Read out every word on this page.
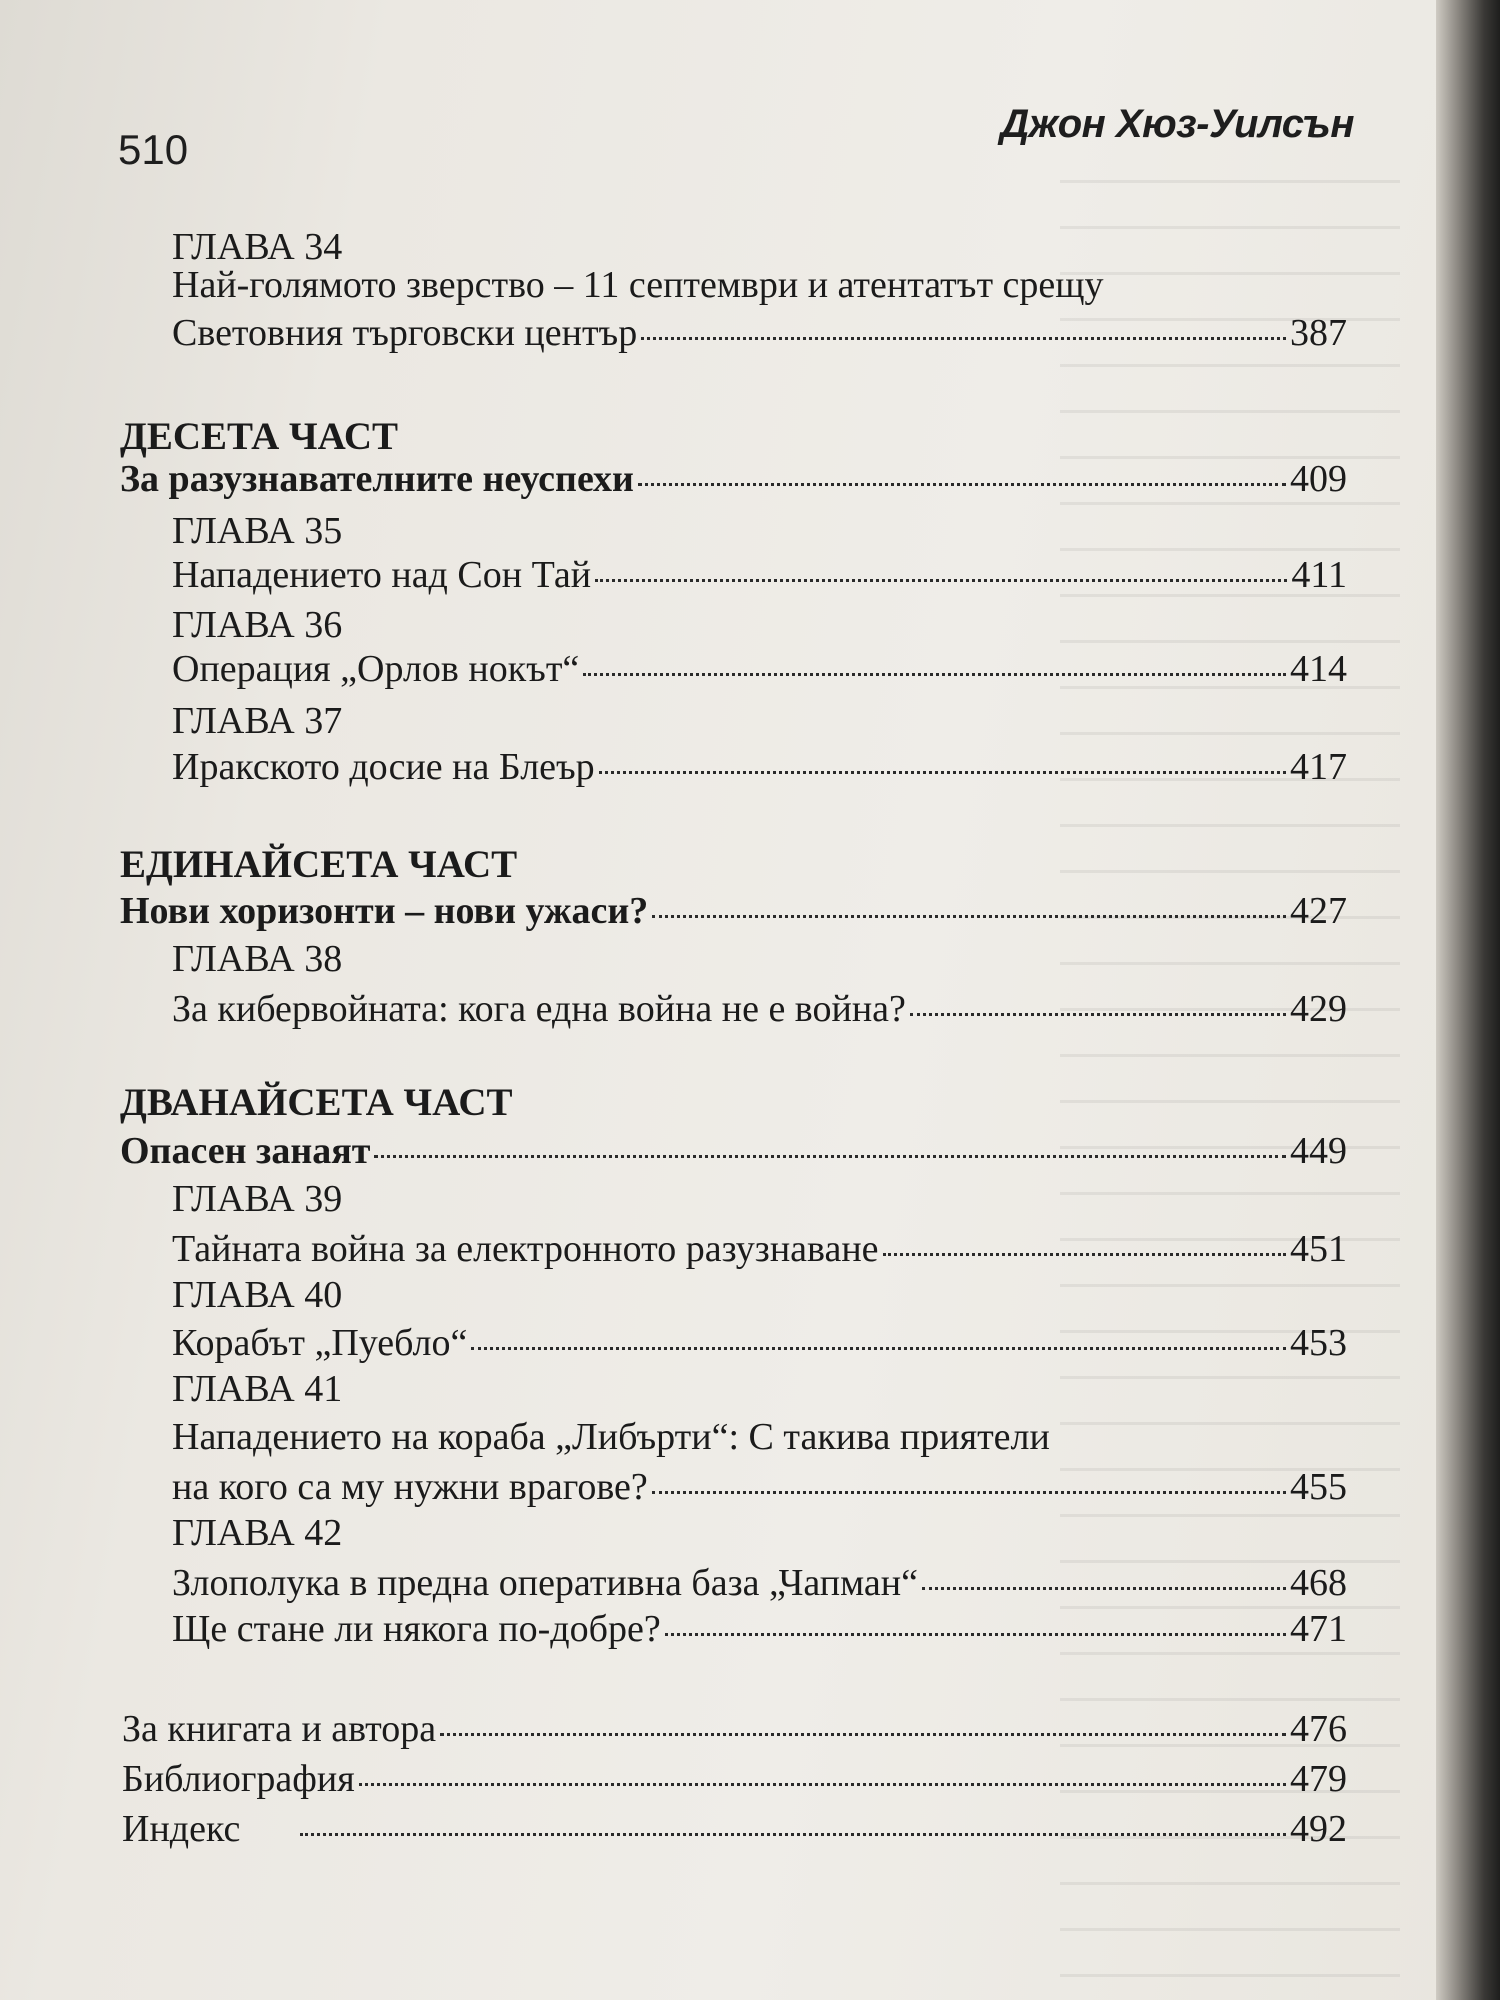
510
Джон Хюз-Уилсън
ГЛАВА 34
Най-голямото зверство – 11 септември и атентатът срещу
Световния търговски център	387
ДЕСЕТА ЧАСТ
За разузнавателните неуспехи	409
ГЛАВА 35
Нападението над Сон Тай	411
ГЛАВА 36
Операция „Орлов нокът“	414
ГЛАВА 37
Иракското досие на Блеър	417
ЕДИНАЙСЕТА ЧАСТ
Нови хоризонти – нови ужаси?	427
ГЛАВА 38
За кибервойната: кога една война не е война?	429
ДВАНАЙСЕТА ЧАСТ
Опасен занаят	449
ГЛАВА 39
Тайната война за електронното разузнаване	451
ГЛАВА 40
Корабът „Пуебло“	453
ГЛАВА 41
Нападението на кораба „Либърти“: С такива приятели
на кого са му нужни врагове?	455
ГЛАВА 42
Злополука в предна оперативна база „Чапман“	468
Ще стане ли някога по-добре?	471
За книгата и автора	476
Библиография	479
Индекс	492
